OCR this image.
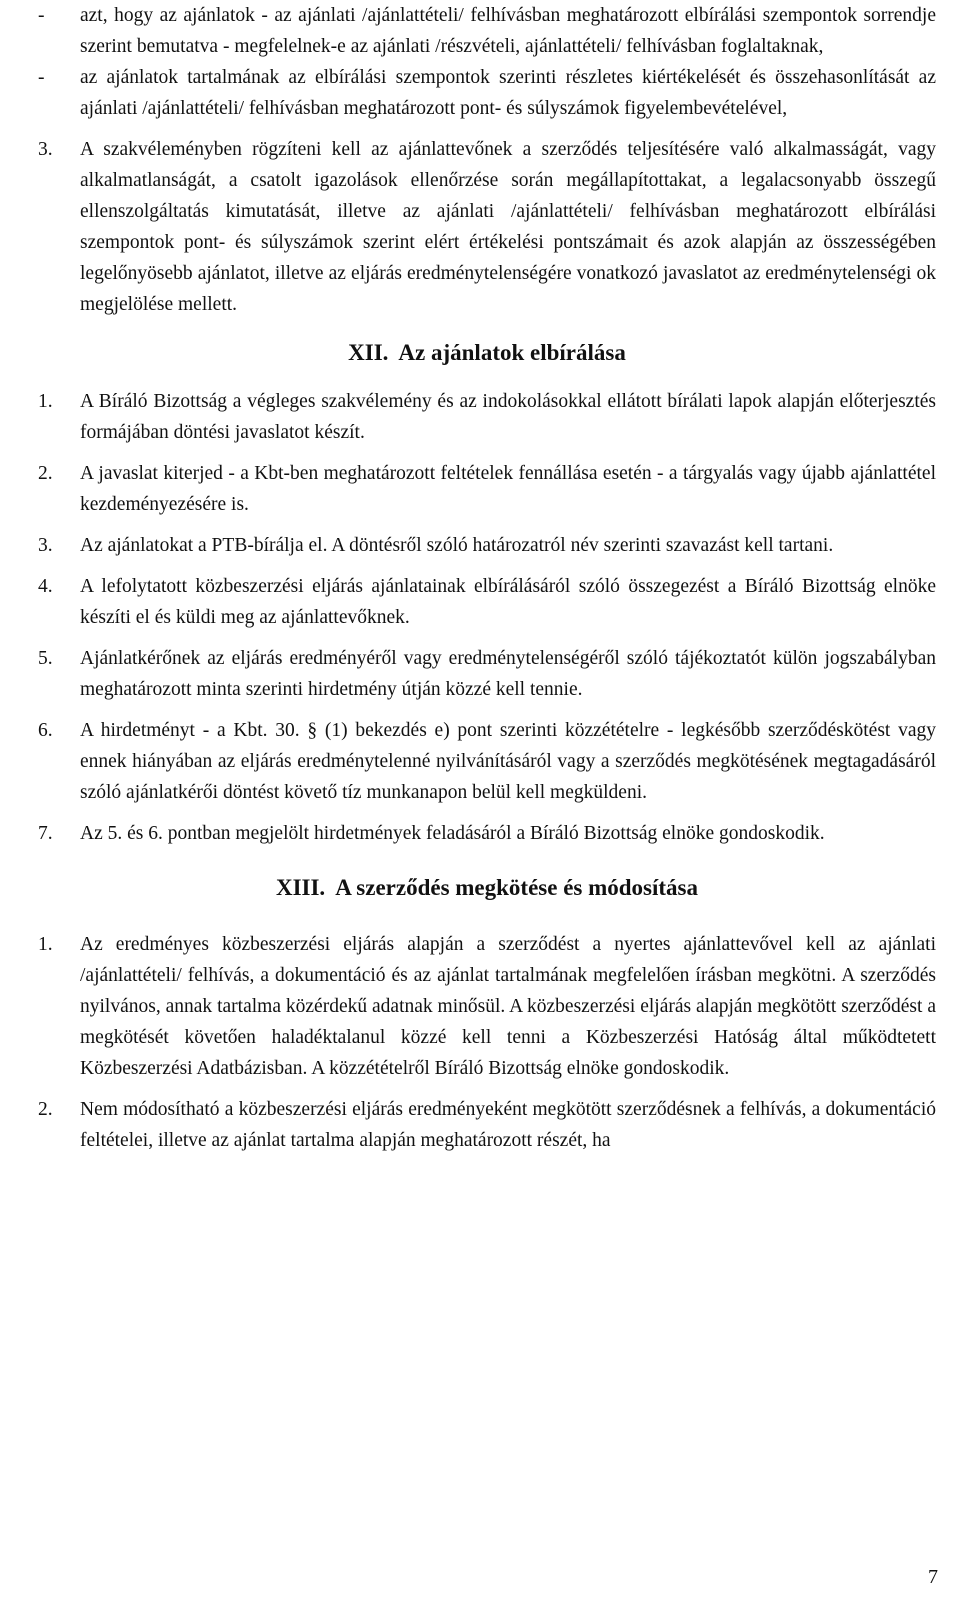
- azt, hogy az ajánlatok - az ajánlati /ajánlattételi/ felhívásban meghatározott elbírálási szempontok sorrendje szerint bemutatva - megfelelnek-e az ajánlati /részvételi, ajánlattételi/ felhívásban foglaltaknak,
- az ajánlatok tartalmának az elbírálási szempontok szerinti részletes kiértékelését és összehasonlítását az ajánlati /ajánlattételi/ felhívásban meghatározott pont- és súlyszámok figyelembevételével,
3. A szakvéleményben rögzíteni kell az ajánlattevőnek a szerződés teljesítésére való alkalmasságát, vagy alkalmatlanságát, a csatolt igazolások ellenőrzése során megállapítottakat, a legalacsonyabb összegű ellenszolgáltatás kimutatását, illetve az ajánlati /ajánlattételi/ felhívásban meghatározott elbírálási szempontok pont- és súlyszámok szerint elért értékelési pontszámait és azok alapján az összességében legelőnyösebb ajánlatot, illetve az eljárás eredménytelenségére vonatkozó javaslatot az eredménytelenségi ok megjelölése mellett.
XII. Az ajánlatok elbírálása
1. A Bíráló Bizottság a végleges szakvélemény és az indokolásokkal ellátott bírálati lapok alapján előterjesztés formájában döntési javaslatot készít.
2. A javaslat kiterjed - a Kbt-ben meghatározott feltételek fennállása esetén - a tárgyalás vagy újabb ajánlattétel kezdeményezésére is.
3. Az ajánlatokat a PTB-bírálja el. A döntésről szóló határozatról név szerinti szavazást kell tartani.
4. A lefolytatott közbeszerzési eljárás ajánlatainak elbírálásáról szóló összegezést a Bíráló Bizottság elnöke készíti el és küldi meg az ajánlattevőknek.
5. Ajánlatkérőnek az eljárás eredményéről vagy eredménytelenségéről szóló tájékoztatót külön jogszabályban meghatározott minta szerinti hirdetmény útján közzé kell tennie.
6. A hirdetményt - a Kbt. 30. § (1) bekezdés e) pont szerinti közzétételre - legkésőbb szerződéskötést vagy ennek hiányában az eljárás eredménytelenné nyilvánításáról vagy a szerződés megkötésének megtagadásáról szóló ajánlatkérői döntést követő tíz munkanapon belül kell megküldeni.
7. Az 5. és 6. pontban megjelölt hirdetmények feladásáról a Bíráló Bizottság elnöke gondoskodik.
XIII. A szerződés megkötése és módosítása
1. Az eredményes közbeszerzési eljárás alapján a szerződést a nyertes ajánlattevővel kell az ajánlati /ajánlattételi/ felhívás, a dokumentáció és az ajánlat tartalmának megfelelően írásban megkötni. A szerződés nyilvános, annak tartalma közérdekű adatnak minősül. A közbeszerzési eljárás alapján megkötött szerződést a megkötését követően haladéktalanul közzé kell tenni a Közbeszerzési Hatóság által működtetett Közbeszerzési Adatbázisban. A közzétételről Bíráló Bizottság elnöke gondoskodik.
2. Nem módosítható a közbeszerzési eljárás eredményeként megkötött szerződésnek a felhívás, a dokumentáció feltételei, illetve az ajánlat tartalma alapján meghatározott részét, ha
7
